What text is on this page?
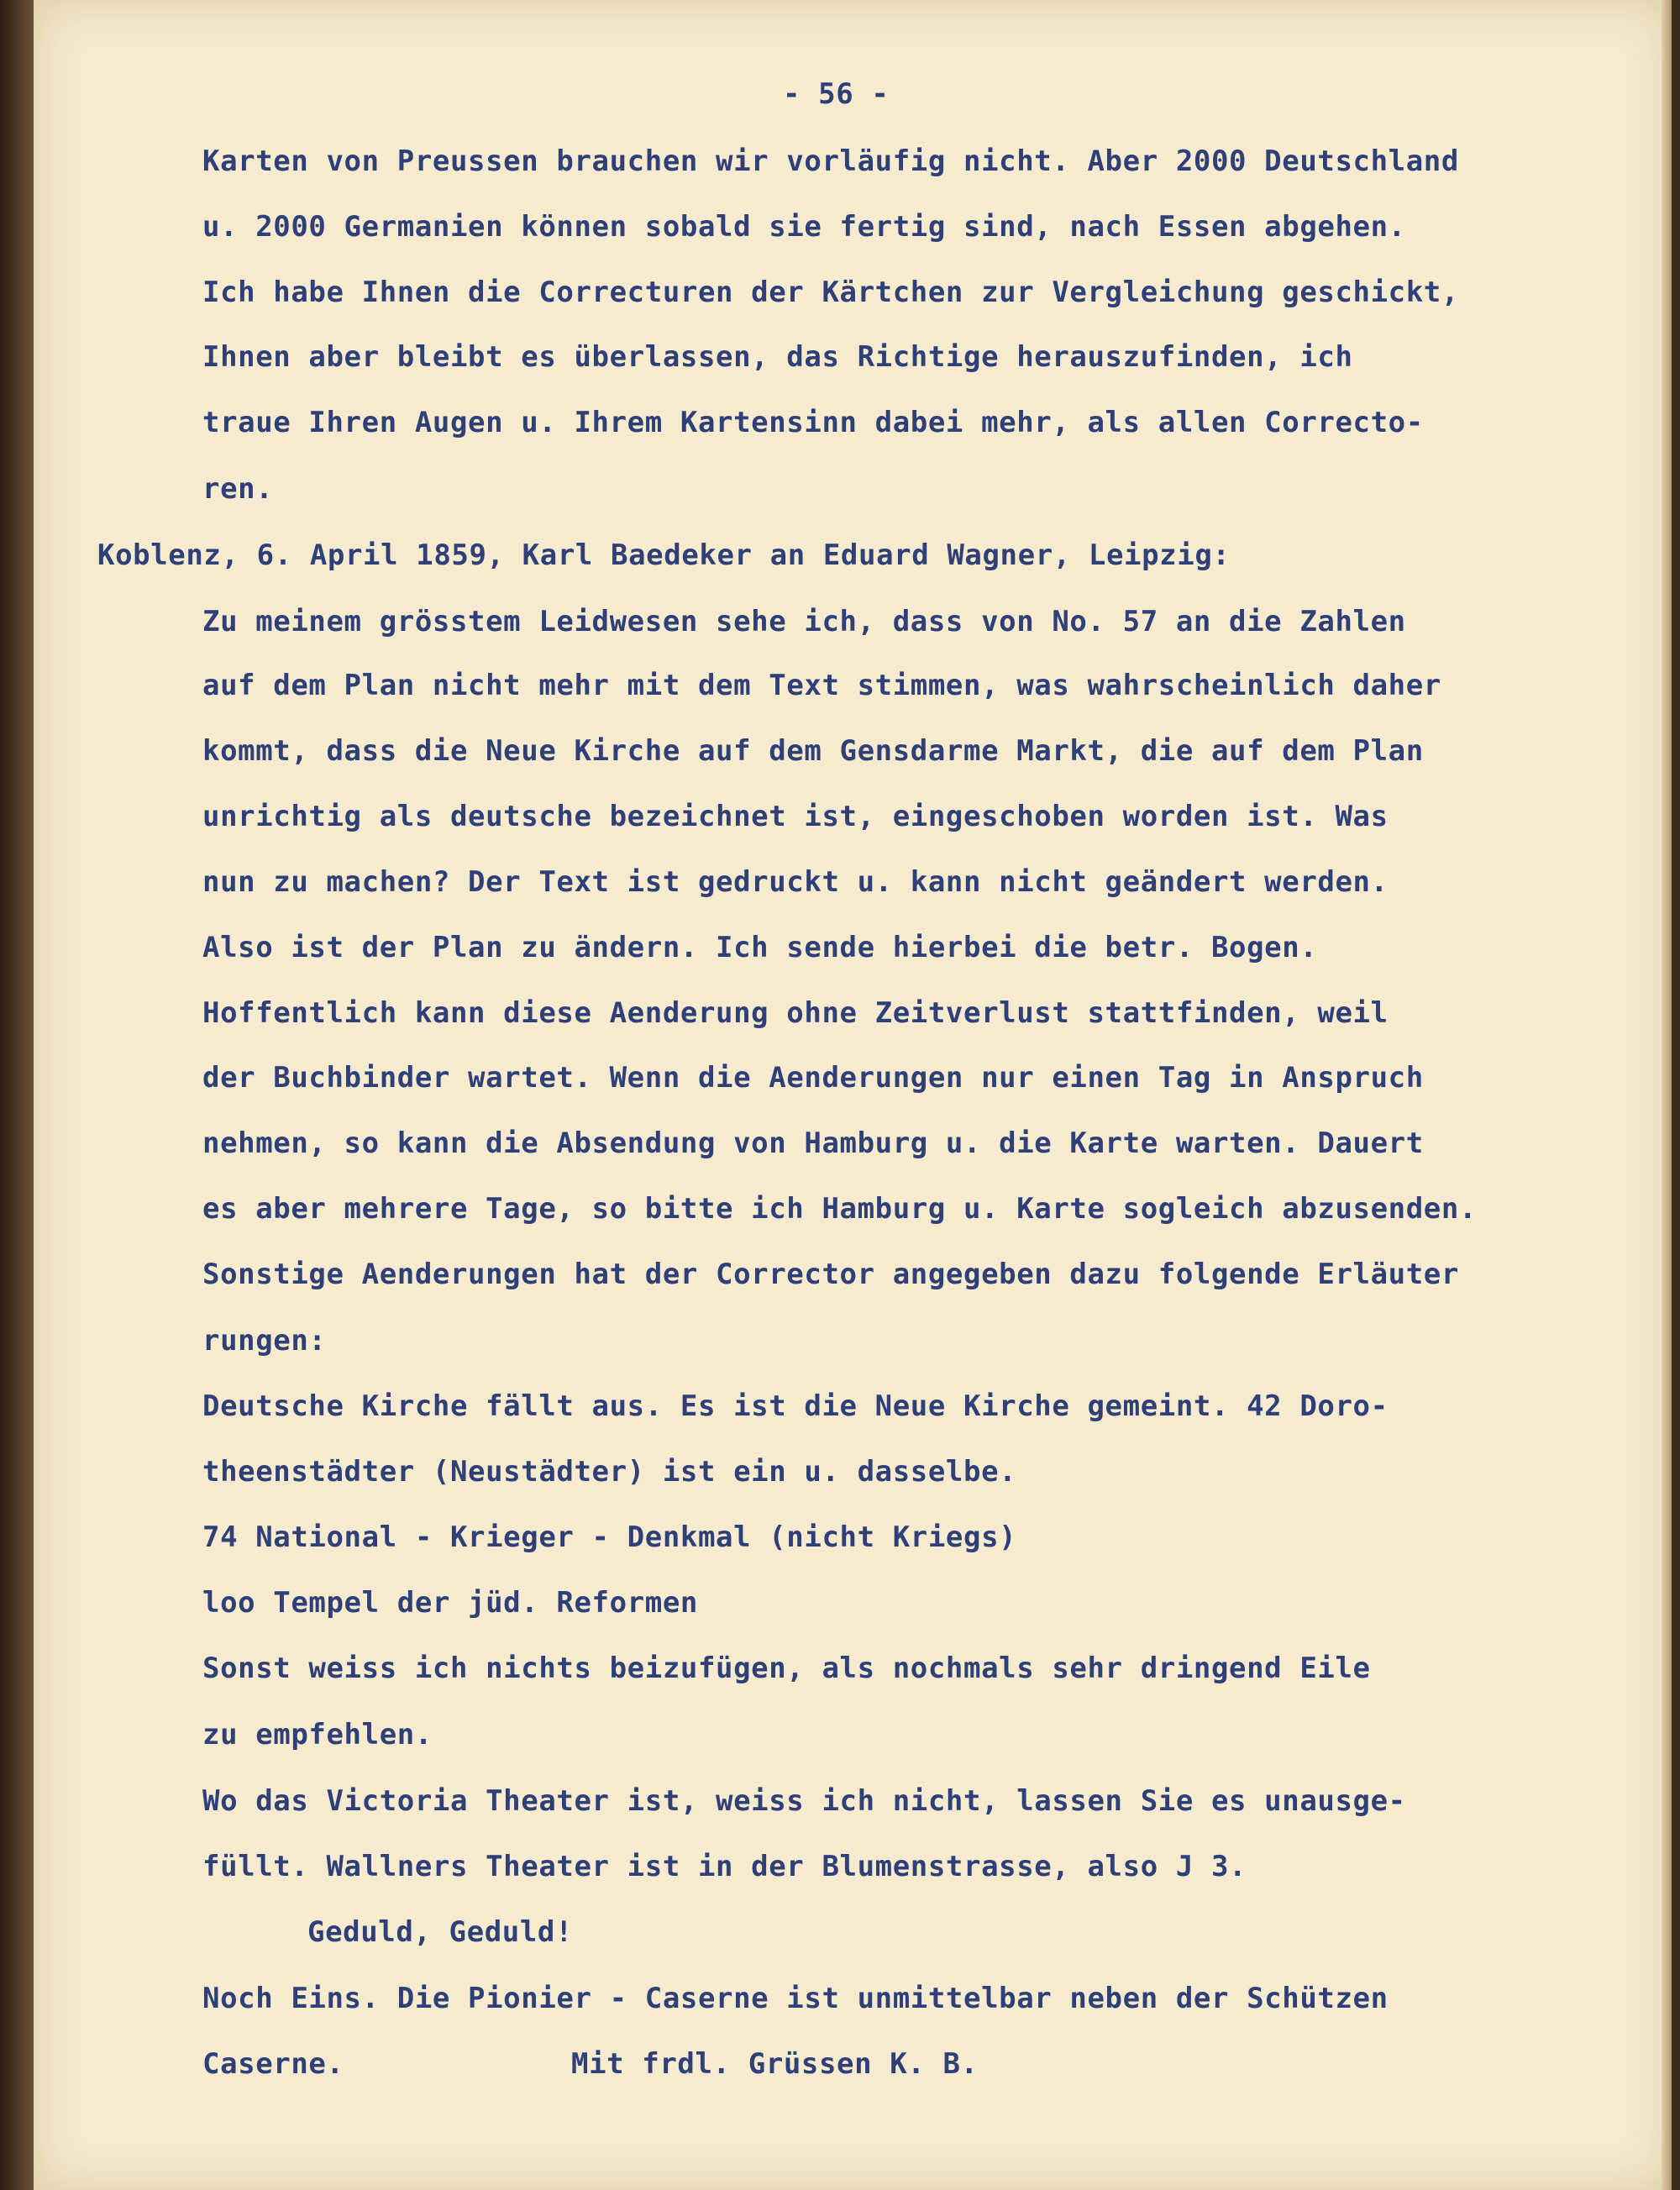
- 56 -
Karten von Preussen brauchen wir vorläufig nicht. Aber 2000 Deutschland
u. 2000 Germanien können sobald sie fertig sind, nach Essen abgehen.
Ich habe Ihnen die Correcturen der Kärtchen zur Vergleichung geschickt,
Ihnen aber bleibt es überlassen, das Richtige herauszufinden, ich
traue Ihren Augen u. Ihrem Kartensinn dabei mehr, als allen Correcto-
ren.
Koblenz, 6. April 1859, Karl Baedeker an Eduard Wagner, Leipzig:
Zu meinem grösstem Leidwesen sehe ich, dass von No. 57 an die Zahlen
auf dem Plan nicht mehr mit dem Text stimmen, was wahrscheinlich daher
kommt, dass die Neue Kirche auf dem Gensdarme Markt, die auf dem Plan
unrichtig als deutsche bezeichnet ist, eingeschoben worden ist. Was
nun zu machen? Der Text ist gedruckt u. kann nicht geändert werden.
Also ist der Plan zu ändern. Ich sende hierbei die betr. Bogen.
Hoffentlich kann diese Aenderung ohne Zeitverlust stattfinden, weil
der Buchbinder wartet. Wenn die Aenderungen nur einen Tag in Anspruch
nehmen, so kann die Absendung von Hamburg u. die Karte warten. Dauert
es aber mehrere Tage, so bitte ich Hamburg u. Karte sogleich abzusenden.
Sonstige Aenderungen hat der Corrector angegeben dazu folgende Erläuter
rungen:
Deutsche Kirche fällt aus. Es ist die Neue Kirche gemeint. 42 Doro-
theenstädter (Neustädter) ist ein u. dasselbe.
74 National - Krieger - Denkmal (nicht Kriegs)
loo Tempel der jüd. Reformen
Sonst weiss ich nichts beizufügen, als nochmals sehr dringend Eile
zu empfehlen.
Wo das Victoria Theater ist, weiss ich nicht, lassen Sie es unausge-
füllt. Wallners Theater ist in der Blumenstrasse, also J 3.
Geduld, Geduld!
Noch Eins. Die Pionier - Caserne ist unmittelbar neben der Schützen
Caserne.	Mit frdl. Grüssen K. B.
